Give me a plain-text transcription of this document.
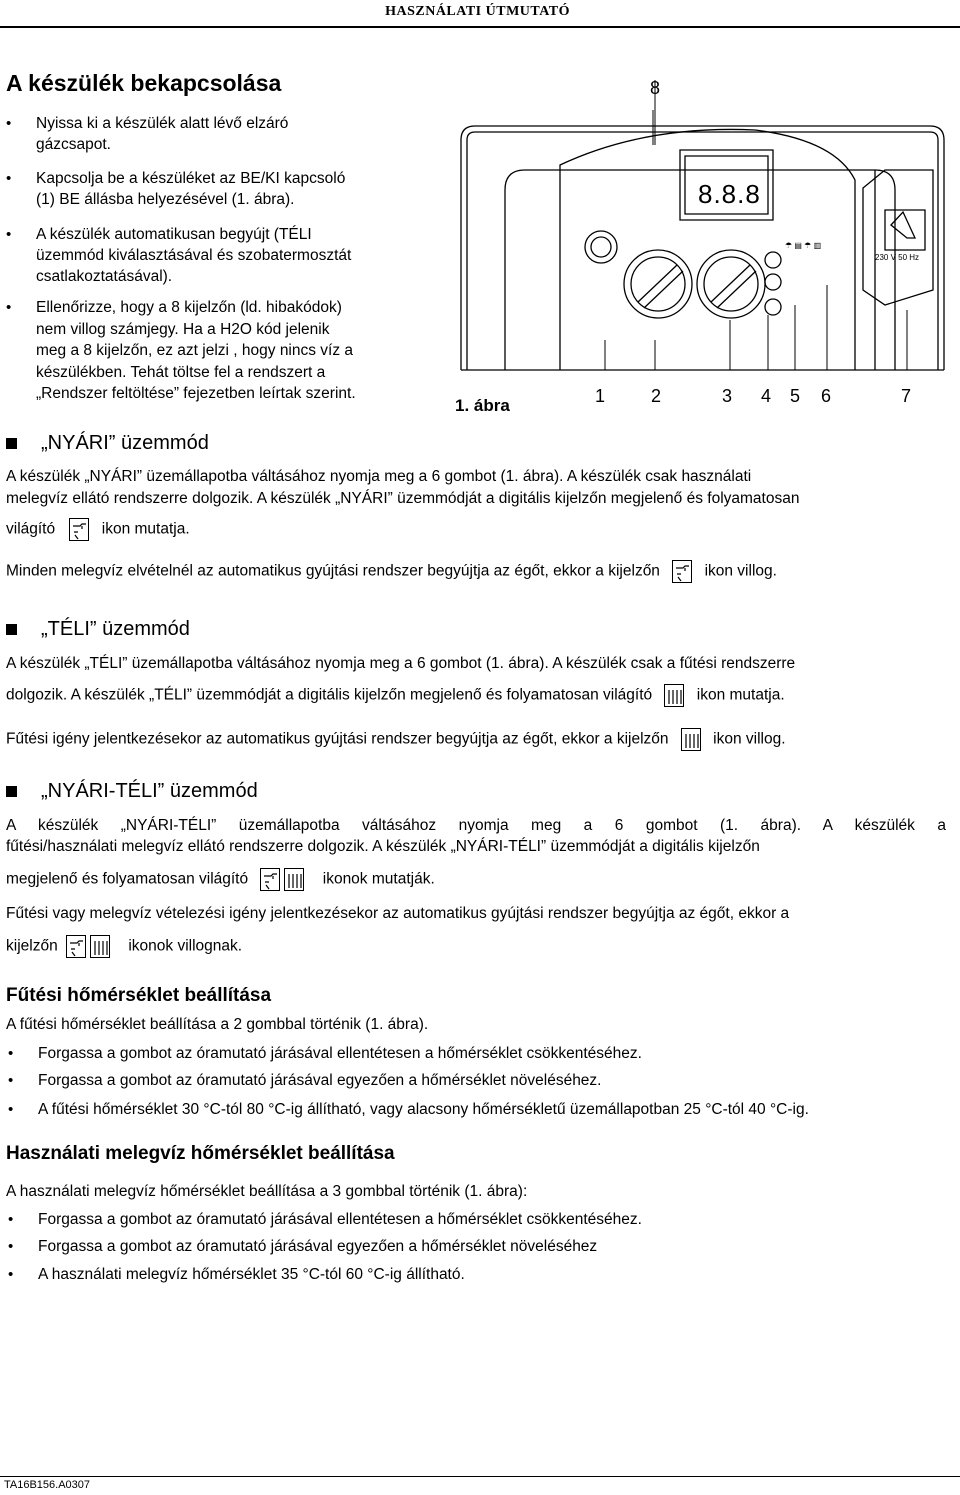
HASZNÁLATI ÚTMUTATÓ
A készülék bekapcsolása
• Nyissa ki a készülék alatt lévő elzáró
gázcsapot.
• Kapcsolja be a készüléket az BE/KI kapcsoló
(1) BE állásba helyezésével (1. ábra).
• A készülék automatikusan begyújt (TÉLI
üzemmód kiválasztásával és szobatermosztát
csatlakoztatásával).
• Ellenőrizze, hogy a 8 kijelzőn (ld. hibakódok)
nem villog számjegy. Ha a H2O kód jelenik
meg a 8 kijelzőn, ez azt jelzi , hogy nincs víz a
készülékben. Tehát töltse fel a rendszert a
„Rendszer feltöltése” fejezetben leírtak szerint.
8.8.8
230 V 50 Hz
☂ ▤ ☂ ▥
8
1. ábra	1	2	3 4 5 6	7
„NYÁRI” üzemmód
A készülék „NYÁRI” üzemállapotba váltásához nyomja meg a 6 gombot (1. ábra). A készülék csak használati
melegvíz ellátó rendszerre dolgozik. A készülék „NYÁRI” üzemmódját a digitális kijelzőn megjelenő és folyamatosan
világító	ikon mutatja.
Minden melegvíz elvételnél az automatikus gyújtási rendszer begyújtja az égőt, ekkor a kijelzőn	ikon villog.
„TÉLI” üzemmód
A készülék „TÉLI” üzemállapotba váltásához nyomja meg a 6 gombot (1. ábra). A készülék csak a fűtési rendszerre
dolgozik. A készülék „TÉLI” üzemmódját a digitális kijelzőn megjelenő és folyamatosan világító	ikon mutatja.
Fűtési igény jelentkezésekor az automatikus gyújtási rendszer begyújtja az égőt, ekkor a kijelzőn	ikon villog.
„NYÁRI-TÉLI” üzemmód
A készülék „NYÁRI-TÉLI” üzemállapotba váltásához nyomja meg a 6 gombot (1. ábra). A készülék a
fűtési/használati melegvíz ellátó rendszerre dolgozik. A készülék „NYÁRI-TÉLI” üzemmódját a digitális kijelzőn
megjelenő és folyamatosan világító	ikonok mutatják.
Fűtési vagy melegvíz vételezési igény jelentkezésekor az automatikus gyújtási rendszer begyújtja az égőt, ekkor a
kijelzőn	ikonok villognak.
Fűtési hőmérséklet beállítása
A fűtési hőmérséklet beállítása a 2 gombbal történik (1. ábra).
• Forgassa a gombot az óramutató járásával ellentétesen a hőmérséklet csökkentéséhez.
• Forgassa a gombot az óramutató járásával egyezően a hőmérséklet növeléséhez.
• A fűtési hőmérséklet 30 °C-tól 80 °C-ig állítható, vagy alacsony hőmérsékletű üzemállapotban 25 °C-tól 40 °C-ig.
Használati melegvíz hőmérséklet beállítása
A használati melegvíz hőmérséklet beállítása a 3 gombbal történik (1. ábra):
• Forgassa a gombot az óramutató járásával ellentétesen a hőmérséklet csökkentéséhez.
• Forgassa a gombot az óramutató járásával egyezően a hőmérséklet növeléséhez
• A használati melegvíz hőmérséklet 35 °C-tól 60 °C-ig állítható.
TA16B156.A0307
